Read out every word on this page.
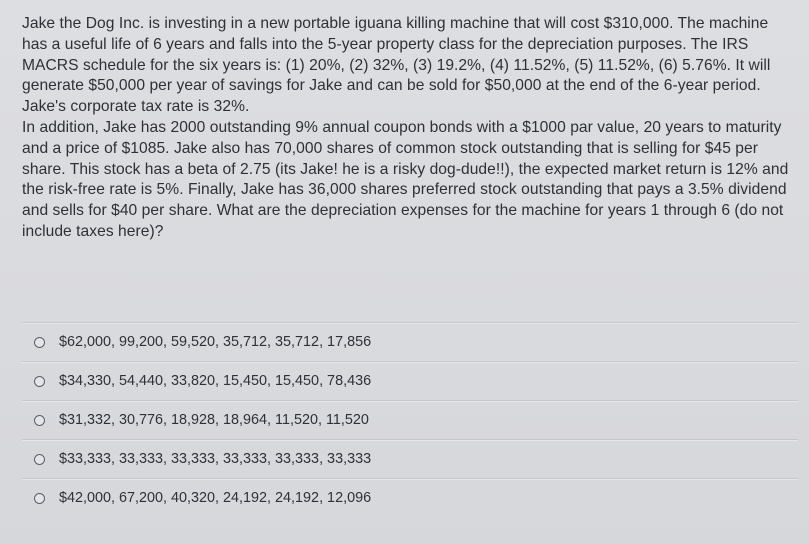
Jake the Dog Inc. is investing in a new portable iguana killing machine that will cost $310,000. The machine has a useful life of 6 years and falls into the 5-year property class for the depreciation purposes. The IRS MACRS schedule for the six years is: (1) 20%, (2) 32%, (3) 19.2%, (4) 11.52%, (5) 11.52%, (6) 5.76%. It will generate $50,000 per year of savings for Jake and can be sold for $50,000 at the end of the 6-year period. Jake's corporate tax rate is 32%.

In addition, Jake has 2000 outstanding 9% annual coupon bonds with a $1000 par value, 20 years to maturity and a price of $1085. Jake also has 70,000 shares of common stock outstanding that is selling for $45 per share. This stock has a beta of 2.75 (its Jake! he is a risky dog-dude!!), the expected market return is 12% and the risk-free rate is 5%. Finally, Jake has 36,000 shares preferred stock outstanding that pays a 3.5% dividend and sells for $40 per share. What are the depreciation expenses for the machine for years 1 through 6 (do not include taxes here)?

$62,000, 99,200, 59,520, 35,712, 35,712, 17,856
$34,330, 54,440, 33,820, 15,450, 15,450, 78,436
$31,332, 30,776, 18,928, 18,964, 11,520, 11,520
$33,333, 33,333, 33,333, 33,333, 33,333, 33,333
$42,000, 67,200, 40,320, 24,192, 24,192, 12,096
